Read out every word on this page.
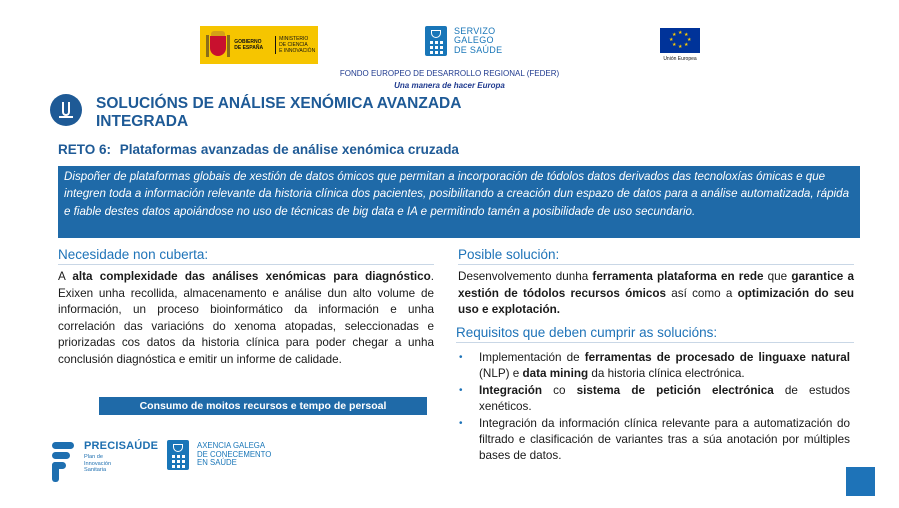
GOBIERNO
DE ESPAÑA
MINISTERIO
DE CIENCIA
E INNOVACIÓN
SERVIZO
GALEGO
DE SAÚDE
★ ★
★
★
★
★
★
★
Unión Europea
FONDO EUROPEO DE DESARROLLO REGIONAL (FEDER)
Una manera de hacer Europa
SOLUCIÓNS DE ANÁLISE XENÓMICA AVANZADA
INTEGRADA
RETO 6: Plataformas avanzadas de análise xenómica cruzada
Dispoñer de plataformas globais de xestión de datos ómicos que permitan a incorporación de tódolos datos derivados das tecnoloxías ómicas e que integren toda a información relevante da historia clínica dos pacientes, posibilitando a creación dun espazo de datos para a análise automatizada, rápida e fiable destes datos apoiándose no uso de técnicas de big data e IA e permitindo tamén a posibilidade de uso secundario.
Necesidade non cuberta:
A alta complexidade das análises xenómicas para diagnóstico. Exixen unha recollida, almacenamento e análise dun alto volume de información, un proceso bioinformático da información e unha correlación das variacións do xenoma atopadas, seleccionadas e priorizadas cos datos da historia clínica para poder chegar a unha conclusión diagnóstica e emitir un informe de calidade.
Consumo de moitos recursos e tempo de persoal
Posible solución:
Desenvolvemento dunha ferramenta plataforma en rede que garantice a xestión de tódolos recursos ómicos así como a optimización do seu uso e explotación.
Requisitos que deben cumprir as solucións:
• Implementación de ferramentas de procesado de linguaxe natural (NLP) e data mining da historia clínica electrónica.
• Integración co sistema de petición electrónica de estudos xenéticos.
• Integración da información clínica relevante para a automatización do filtrado e clasificación de variantes tras a súa anotación por múltiples bases de datos.
PRECISAÚDE
Plan de
Innovación
Sanitaria
AXENCIA GALEGA
DE CONECEMENTO
EN SAÚDE
